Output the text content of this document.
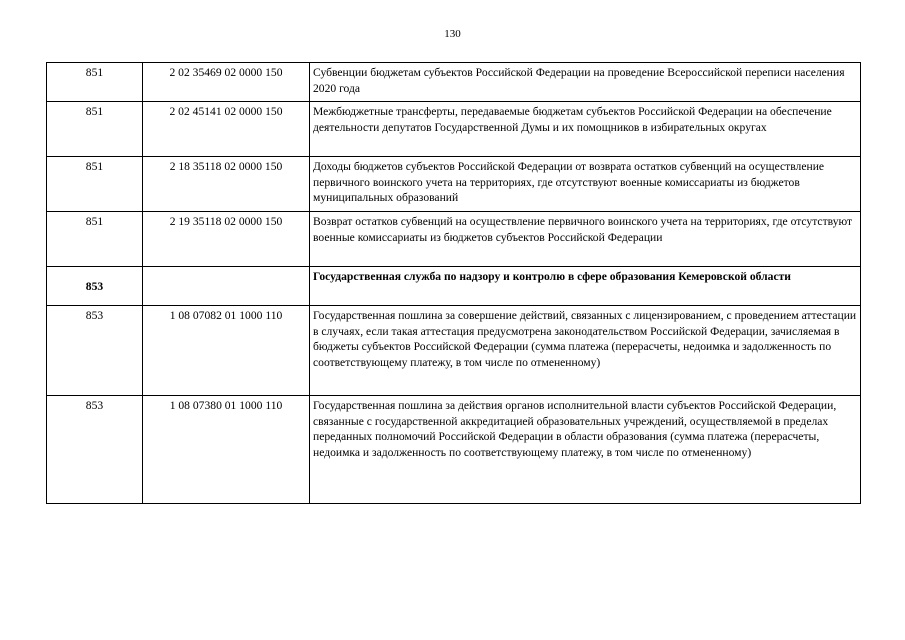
130
851	2 02 35469 02 0000 150	Субвенции бюджетам субъектов Российской Федерации на проведение Всероссийской переписи населения 2020 года
851	2 02 45141 02 0000 150	Межбюджетные трансферты, передаваемые бюджетам субъектов Российской Федерации на обеспечение деятельности депутатов Государственной Думы и их помощников в избирательных округах
851	2 18 35118 02 0000 150	Доходы бюджетов субъектов Российской Федерации от возврата остатков субвенций на осуществление первичного воинского учета на территориях, где отсутствуют военные комиссариаты из бюджетов муниципальных образований
851	2 19 35118 02 0000 150	Возврат остатков субвенций на осуществление первичного воинского учета на территориях, где отсутствуют военные комиссариаты из бюджетов субъектов Российской Федерации
853		Государственная служба по надзору и контролю в сфере образования Кемеровской области
853	1 08 07082 01 1000 110	Государственная пошлина за совершение действий, связанных с лицензированием, с проведением аттестации в случаях, если такая аттестация предусмотрена законодательством Российской Федерации, зачисляемая в бюджеты субъектов Российской Федерации (сумма платежа (перерасчеты, недоимка и задолженность по соответствующему платежу, в том числе по отмененному)
853	1 08 07380 01 1000 110	Государственная пошлина за действия органов исполнительной власти субъектов Российской Федерации, связанные с государственной аккредитацией образовательных учреждений, осуществляемой в пределах переданных полномочий Российской Федерации в области образования (сумма платежа (перерасчеты, недоимка и задолженность по соответствующему платежу, в том числе по отмененному)
